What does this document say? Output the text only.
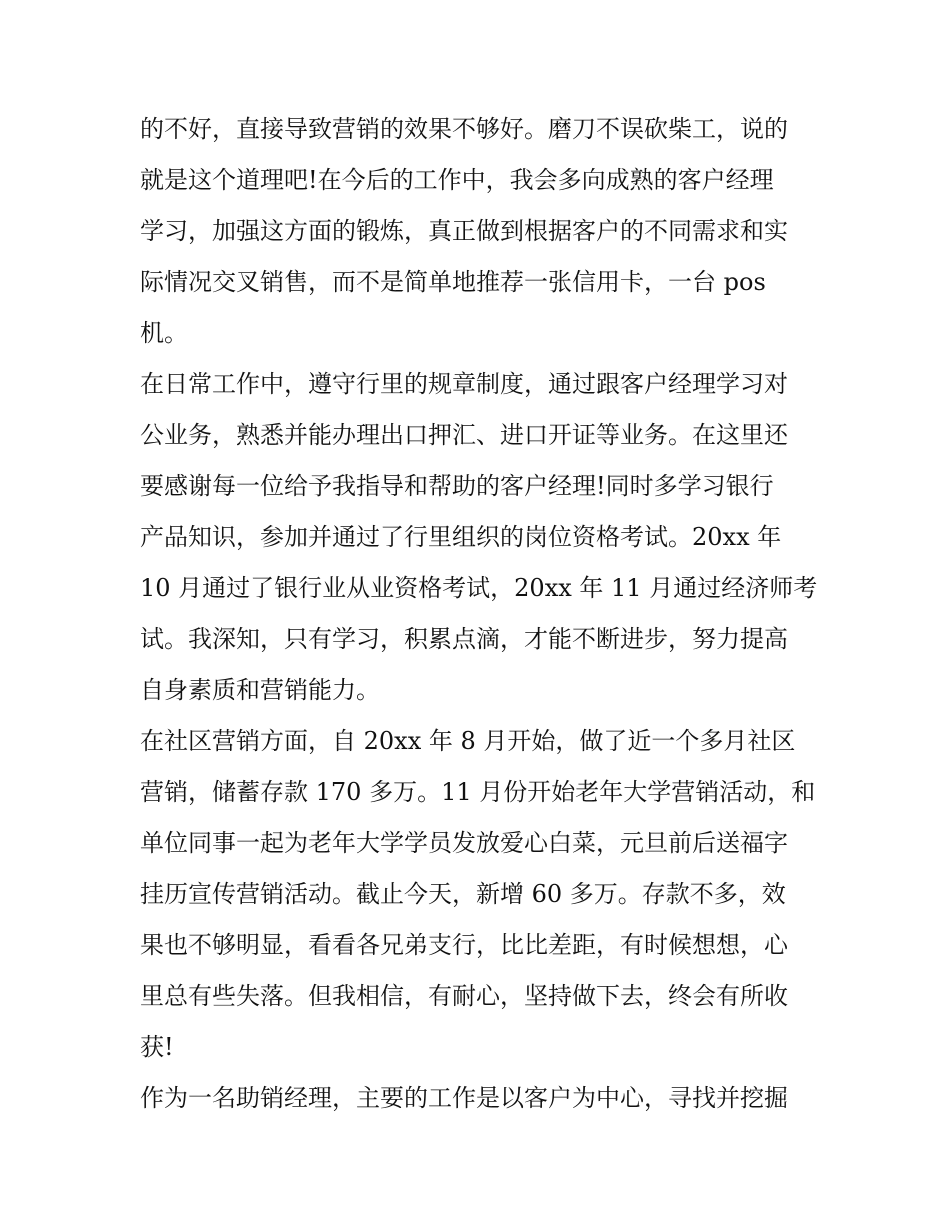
的不好，直接导致营销的效果不够好。磨刀不误砍柴工，说的
就是这个道理吧!在今后的工作中，我会多向成熟的客户经理
学习，加强这方面的锻炼，真正做到根据客户的不同需求和实
际情况交叉销售，而不是简单地推荐一张信用卡，一台 pos
机。
在日常工作中，遵守行里的规章制度，通过跟客户经理学习对
公业务，熟悉并能办理出口押汇、进口开证等业务。在这里还
要感谢每一位给予我指导和帮助的客户经理!同时多学习银行
产品知识，参加并通过了行里组织的岗位资格考试。20xx 年
10 月通过了银行业从业资格考试，20xx 年 11 月通过经济师考
试。我深知，只有学习，积累点滴，才能不断进步，努力提高
自身素质和营销能力。
在社区营销方面，自 20xx 年 8 月开始，做了近一个多月社区
营销，储蓄存款 170 多万。11 月份开始老年大学营销活动，和
单位同事一起为老年大学学员发放爱心白菜，元旦前后送福字
挂历宣传营销活动。截止今天，新增 60 多万。存款不多，效
果也不够明显，看看各兄弟支行，比比差距，有时候想想，心
里总有些失落。但我相信，有耐心，坚持做下去，终会有所收
获!
作为一名助销经理，主要的工作是以客户为中心，寻找并挖掘
